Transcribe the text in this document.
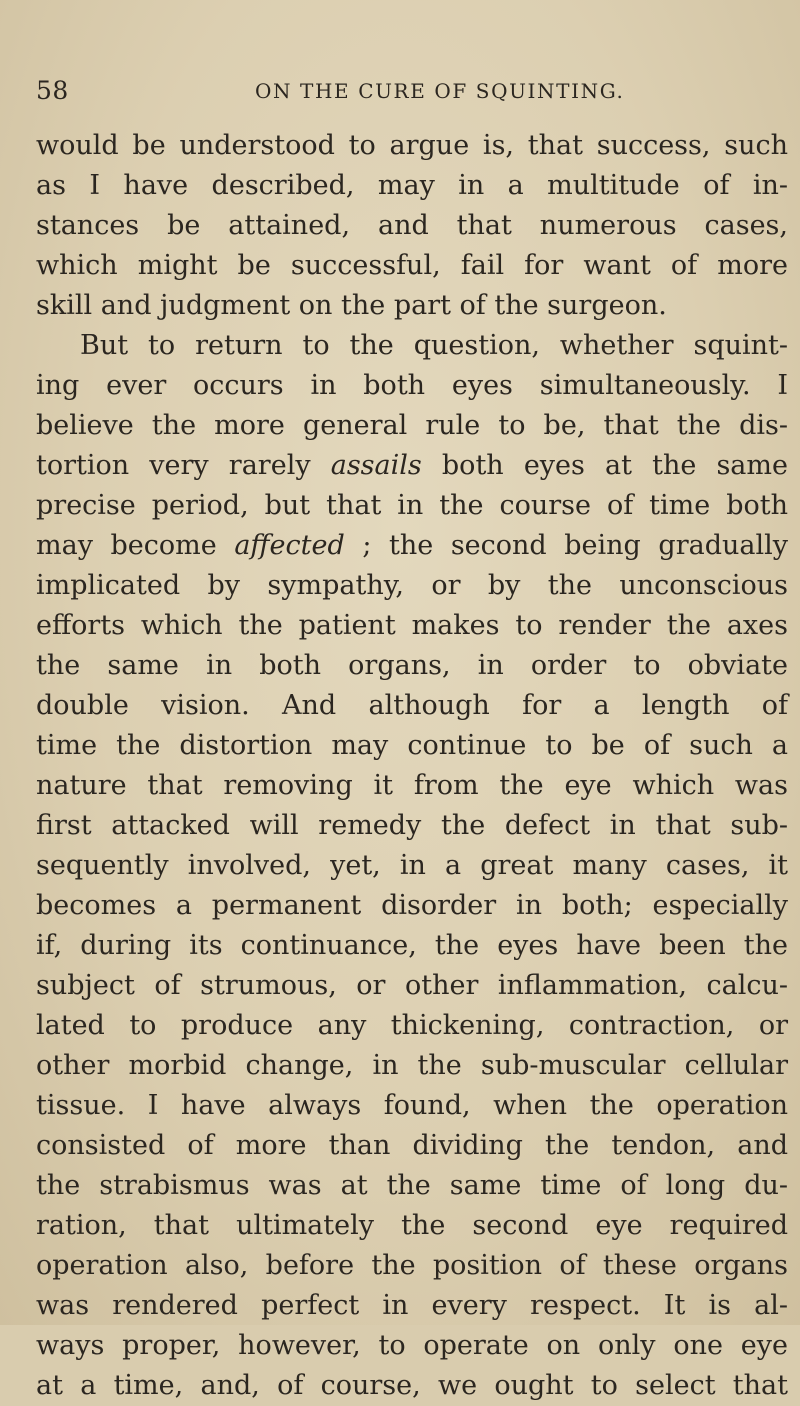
58	ON THE CURE OF SQUINTING.
would be understood to argue is, that success, such
as I have described, may in a multitude of in-
stances be attained, and that numerous cases,
which might be successful, fail for want of more
skill and judgment on the part of the surgeon.
But to return to the question, whether squint-
ing ever occurs in both eyes simultaneously. I
believe the more general rule to be, that the dis-
tortion very rarely assails both eyes at the same
precise period, but that in the course of time both
may become affected ; the second being gradually
implicated by sympathy, or by the unconscious
efforts which the patient makes to render the axes
the same in both organs, in order to obviate
double vision. And although for a length of
time the distortion may continue to be of such a
nature that removing it from the eye which was
first attacked will remedy the defect in that sub-
sequently involved, yet, in a great many cases, it
becomes a permanent disorder in both; especially
if, during its continuance, the eyes have been the
subject of strumous, or other inflammation, calcu-
lated to produce any thickening, contraction, or
other morbid change, in the sub-muscular cellular
tissue. I have always found, when the operation
consisted of more than dividing the tendon, and
the strabismus was at the same time of long du-
ration, that ultimately the second eye required
operation also, before the position of these organs
was rendered perfect in every respect. It is al-
ways proper, however, to operate on only one eye
at a time, and, of course, we ought to select that
